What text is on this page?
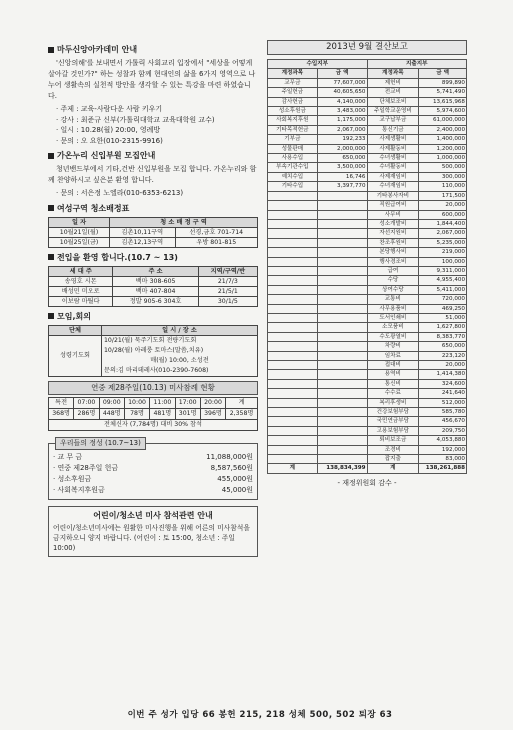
마두신앙아카데미 안내

'신앙의해'를 보내면서 가톨릭 사회교리 입장에서 "세상을 어떻게 살아갈 것인가?" 하는 성찰과 함께 현대인의 삶을 6가지 영역으로 나누어 생활속의 실천적 방안을 생각할 수 있는 특강을 마련 하였습니다.

· 주제 : 교육-사람다운 사람 키우기
· 강사 : 최준규 신부(가톨릭대학교 교육대학원 교수)
· 일시 : 10.28(월) 20:00, 영례방
· 문의 : 오 요한(010-2315-9916)
가온누리 신입부원 모집안내

청년밴드부에서 기타,건반 신입부원을 모집 합니다. 가온누리와 함께 찬양하시고 싶은분 환영 합니다.

· 문의 : 서은정 노엘라(010-6353-6213)
여성구역 청소배정표
일 자	청 소 배 정 구 역	
10월21일(월)	김촌10,11구역	선경,금호 701-714
10월25일(금)	김촌12,13구역	우방 801-815
전입을 환영 합니다.(10.7 ~ 13)
세 대 주	주 소	지역/구역/반
송영호 시몬	백마 308-605	21/7/3
배성민 미오로	백마 407-804	21/5/1
이보람 마틸다	정발 905-6 304호	30/1/5
모임,회의
단체	일 시 / 장 소
성령기도회	10/21(월) 묵주기도회 전량기도회
10/28(월) 아레룽 토마스(말씀,치유)
매(월) 10:00, 소성전
문의:김 마리데레사(010-2390-7608)
연중 제28주일(10.13) 미사참례 현황
특전	07:00	09:00	10:00	11:00	17:00	20:00	계
368명	286명	448명	78명	481명	301명	396명	2,358명
전체신자 (7,784명) 대비 30% 참석							
우리들의 정성 (10.7~13)
· 교 무 금	11,088,000원
· 연중 제28주일 헌금	8,587,560원
· 성소후원금	455,000원
· 사회복지후원금	45,000원
어린이/청소년 미사 참석관련 안내
어린이/청소년미사에는 원활한 미사진행을 위해 어른의 미사참석을 금지하오니 양지 바랍니다. (어린이 : 토 15:00, 청소년 : 주일 10:00)
2013년 9월 결산보고
수입지부		지출지부	
계정과목	금 액	계정과목	금 액
교무금	77,607,000	제헌비	899,890
주일헌금	40,605,650	전교비	5,741,490
감사헌금	4,140,000	단체보조비	13,615,968
성소후원금	3,483,000	주일학교운영비	5,974,600
사회복지후원	1,175,000	교구납부금	61,000,000
기타목적헌금	2,067,000	통신기금	2,400,000
기부금	192,233	사제생활비	1,400,000
성물판매	2,000,000	사제활동비	1,200,000
사용수입	650,000	수녀생활비	1,000,000
부속기관수입	3,500,000	수녀활동비	500,000
예치수입	16,746	사제재임비	300,000
기타수입	3,397,770	수녀재임비	110,000
		기타봉사자비	171,500
		직원급여비	20,000
		사무비	600,000
		성소개발비	1,844,400
		자선지원비	2,067,000
		찬조후원비	5,235,000
		본당행사비	219,000
		행사경조비	100,000
		급여	9,311,000
		수당	4,955,400
		상여수당	5,411,000
		교통비	720,000
		사무용품비	469,250
		도서인쇄비	51,000
		소모품비	1,627,800
		수도광열비	8,383,770
		차량비	650,000
		임차료	223,120
		접대비	20,000
		용역비	1,414,380
		통신비	324,600
		수수료	241,640
		복리후생비	512,000
		건강보험부담	585,780
		국민연금부담	456,670
		고용보험부담	209,750
		퇴비보조금	4,053,880
		조경비	192,000
		잡지출	83,000
계	138,834,399	계	138,261,888
- 재정위원회 감수 -
이번 주 성가 입당 66 봉헌 215, 218 성체 500, 502 퇴장 63
